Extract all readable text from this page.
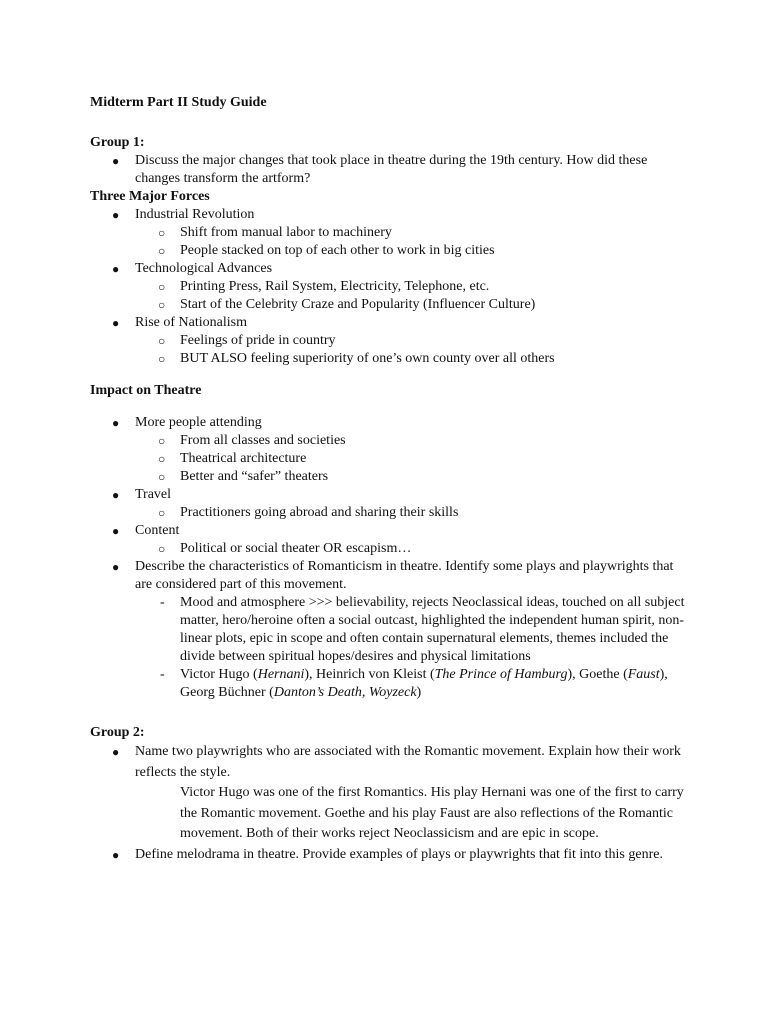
Midterm Part II Study Guide

Group 1:

● Discuss the major changes that took place in theatre during the 19th century. How did these changes transform the artform?

Three Major Forces

● Industrial Revolution
○ Shift from manual labor to machinery
○ People stacked on top of each other to work in big cities
● Technological Advances
○ Printing Press, Rail System, Electricity, Telephone, etc.
○ Start of the Celebrity Craze and Popularity (Influencer Culture)
● Rise of Nationalism
○ Feelings of pride in country
○ BUT ALSO feeling superiority of one’s own county over all others

Impact on Theatre

● More people attending
○ From all classes and societies
○ Theatrical architecture
○ Better and “safer” theaters
● Travel
○ Practitioners going abroad and sharing their skills
● Content
○ Political or social theater OR escapism…
● Describe the characteristics of Romanticism in theatre. Identify some plays and playwrights that are considered part of this movement.
- Mood and atmosphere >>> believability, rejects Neoclassical ideas, touched on all subject matter, hero/heroine often a social outcast, highlighted the independent human spirit, non-linear plots, epic in scope and often contain supernatural elements, themes included the divide between spiritual hopes/desires and physical limitations
- Victor Hugo (Hernani), Heinrich von Kleist (The Prince of Hamburg), Goethe (Faust), Georg Büchner (Danton’s Death, Woyzeck)

Group 2:

● Name two playwrights who are associated with the Romantic movement. Explain how their work reflects the style.
Victor Hugo was one of the first Romantics. His play Hernani was one of the first to carry the Romantic movement. Goethe and his play Faust are also reflections of the Romantic movement. Both of their works reject Neoclassicism and are epic in scope.
● Define melodrama in theatre. Provide examples of plays or playwrights that fit into this genre.
